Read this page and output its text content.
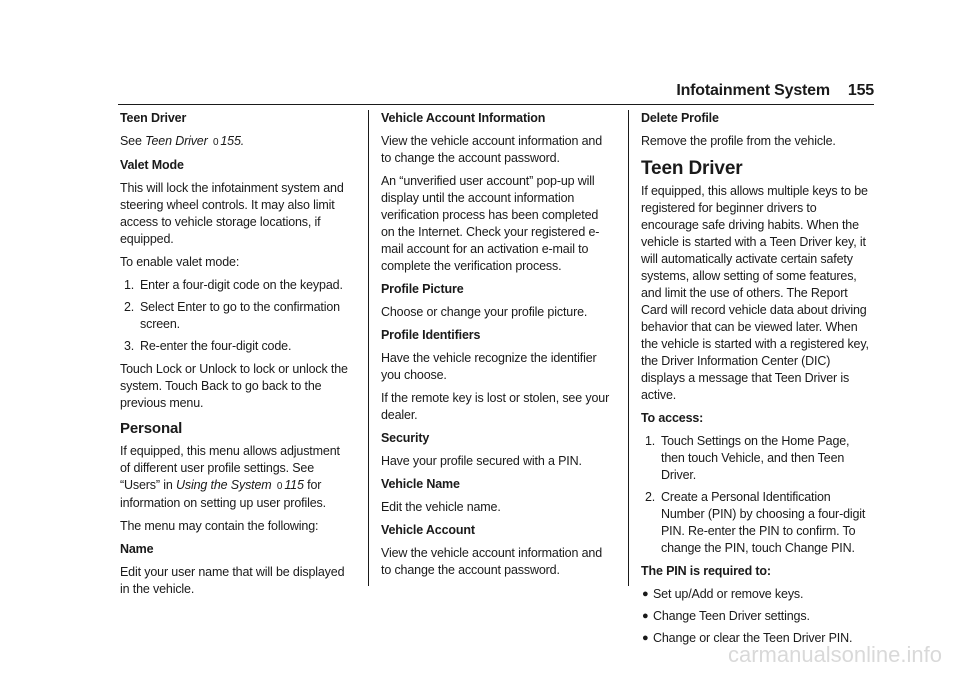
Infotainment System 155

Teen Driver

See Teen Driver 0 155.

Valet Mode

This will lock the infotainment system and steering wheel controls. It may also limit access to vehicle storage locations, if equipped.

To enable valet mode:

1. Enter a four-digit code on the keypad.
2. Select Enter to go to the confirmation screen.
3. Re-enter the four-digit code.

Touch Lock or Unlock to lock or unlock the system. Touch Back to go back to the previous menu.

Personal

If equipped, this menu allows adjustment of different user profile settings. See “Users” in Using the System 0 115 for information on setting up user profiles.

The menu may contain the following:

Name

Edit your user name that will be displayed in the vehicle.

Vehicle Account Information

View the vehicle account information and to change the account password.

An “unverified user account” pop-up will display until the account information verification process has been completed on the Internet. Check your registered e-mail account for an activation e-mail to complete the verification process.

Profile Picture

Choose or change your profile picture.

Profile Identifiers

Have the vehicle recognize the identifier you choose.

If the remote key is lost or stolen, see your dealer.

Security

Have your profile secured with a PIN.

Vehicle Name

Edit the vehicle name.

Vehicle Account

View the vehicle account information and to change the account password.

Delete Profile

Remove the profile from the vehicle.

Teen Driver

If equipped, this allows multiple keys to be registered for beginner drivers to encourage safe driving habits. When the vehicle is started with a Teen Driver key, it will automatically activate certain safety systems, allow setting of some features, and limit the use of others. The Report Card will record vehicle data about driving behavior that can be viewed later. When the vehicle is started with a registered key, the Driver Information Center (DIC) displays a message that Teen Driver is active.

To access:

1. Touch Settings on the Home Page, then touch Vehicle, and then Teen Driver.
2. Create a Personal Identification Number (PIN) by choosing a four-digit PIN. Re-enter the PIN to confirm. To change the PIN, touch Change PIN.

The PIN is required to:

● Set up/Add or remove keys.
● Change Teen Driver settings.
● Change or clear the Teen Driver PIN.
carmanualsonline.info
